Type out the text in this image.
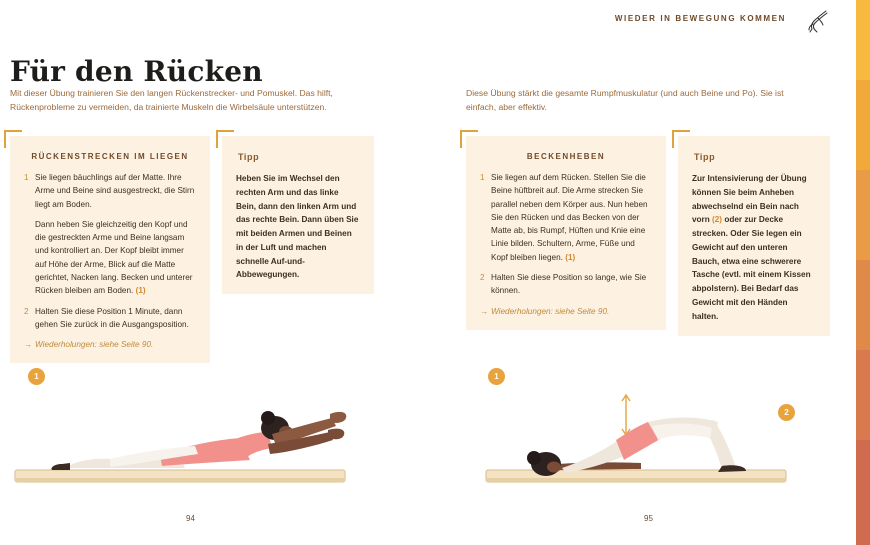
WIEDER IN BEWEGUNG KOMMEN
Für den Rücken

Mit dieser Übung trainieren Sie den langen Rückenstrecker- und Pomuskel. Das hilft, Rückenprobleme zu vermeiden, da trainierte Muskeln die Wirbelsäule unterstützen.

Diese Übung stärkt die gesamte Rumpfmuskulatur (und auch Beine und Po). Sie ist einfach, aber effektiv.

RÜCKENSTRECKEN IM LIEGEN
1 Sie liegen bäuchlings auf der Matte. Ihre Arme und Beine sind ausgestreckt, die Stirn liegt am Boden.
Dann heben Sie gleichzeitig den Kopf und die gestreckten Arme und Beine langsam und kontrolliert an. Der Kopf bleibt immer auf Höhe der Arme, Blick auf die Matte gerichtet, Nacken lang. Becken und unterer Rücken bleiben am Boden. (1)
2 Halten Sie diese Position 1 Minute, dann gehen Sie zurück in die Ausgangsposition.
→ Wiederholungen: siehe Seite 90.
Tipp
Heben Sie im Wechsel den rechten Arm und das linke Bein, dann den linken Arm und das rechte Bein. Dann üben Sie mit beiden Armen und Beinen in der Luft und machen schnelle Auf-und-Abbewegungen.
BECKENHEBEN
1 Sie liegen auf dem Rücken. Stellen Sie die Beine hüftbreit auf. Die Arme strecken Sie parallel neben dem Körper aus. Nun heben Sie den Rücken und das Becken von der Matte ab, bis Rumpf, Hüften und Knie eine Linie bilden. Schultern, Arme, Füße und Kopf bleiben liegen. (1)
2 Halten Sie diese Position so lange, wie Sie können.
→ Wiederholungen: siehe Seite 90.
Tipp
Zur Intensivierung der Übung können Sie beim Anheben abwechselnd ein Bein nach vorn (2) oder zur Decke strecken. Oder Sie legen ein Gewicht auf den unteren Bauch, etwa eine schwerere Tasche (evtl. mit einem Kissen abpolstern). Bei Bedarf das Gewicht mit den Händen halten.
1	1
2
94	95
